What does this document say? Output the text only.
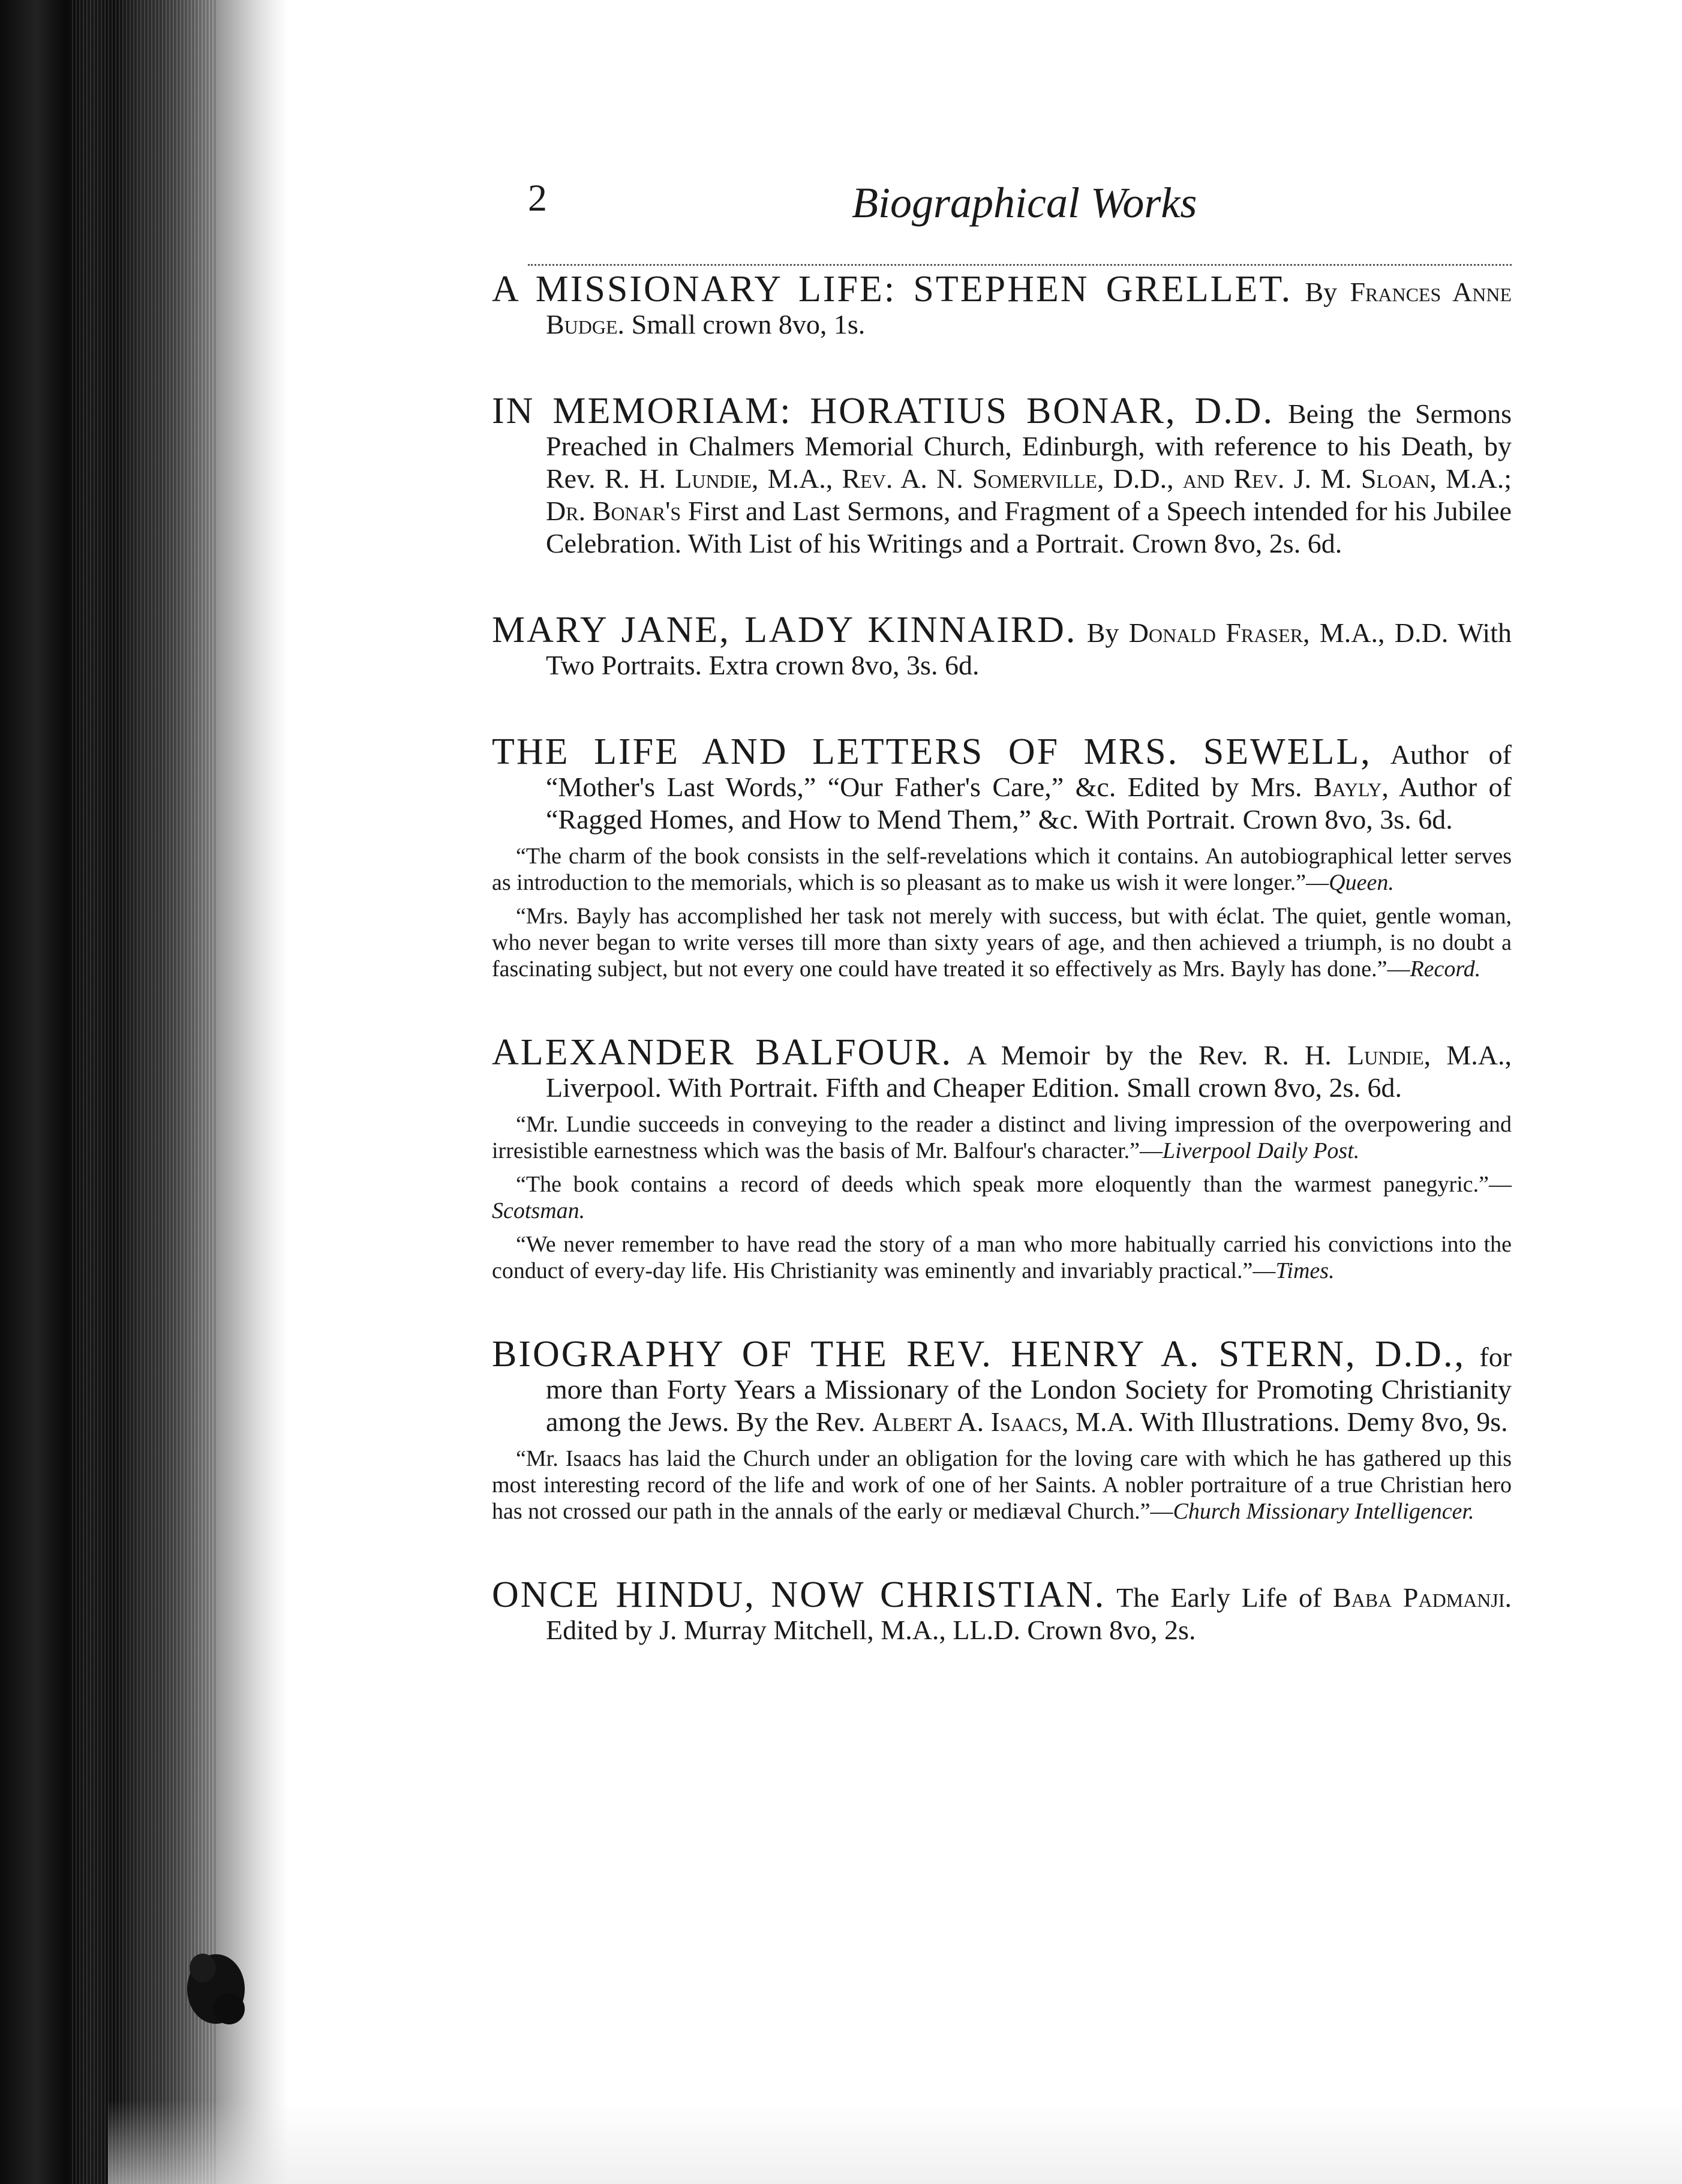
2	Biographical Works

A MISSIONARY LIFE: STEPHEN GRELLET. By Frances Anne Budge. Small crown 8vo, 1s.

IN MEMORIAM: HORATIUS BONAR, D.D. Being the Sermons Preached in Chalmers Memorial Church, Edinburgh, with reference to his Death, by Rev. R. H. Lundie, M.A., Rev. A. N. Somerville, D.D., and Rev. J. M. Sloan, M.A.; Dr. Bonar's First and Last Sermons, and Fragment of a Speech intended for his Jubilee Celebration. With List of his Writings and a Portrait. Crown 8vo, 2s. 6d.

MARY JANE, LADY KINNAIRD. By Donald Fraser, M.A., D.D. With Two Portraits. Extra crown 8vo, 3s. 6d.

THE LIFE AND LETTERS OF MRS. SEWELL, Author of “Mother's Last Words,” “Our Father's Care,” &c. Edited by Mrs. Bayly, Author of “Ragged Homes, and How to Mend Them,” &c. With Portrait. Crown 8vo, 3s. 6d.

“The charm of the book consists in the self-revelations which it contains. An autobiographical letter serves as introduction to the memorials, which is so pleasant as to make us wish it were longer.”—Queen.

“Mrs. Bayly has accomplished her task not merely with success, but with éclat. The quiet, gentle woman, who never began to write verses till more than sixty years of age, and then achieved a triumph, is no doubt a fascinating subject, but not every one could have treated it so effectively as Mrs. Bayly has done.”—Record.

ALEXANDER BALFOUR. A Memoir by the Rev. R. H. Lundie, M.A., Liverpool. With Portrait. Fifth and Cheaper Edition. Small crown 8vo, 2s. 6d.

“Mr. Lundie succeeds in conveying to the reader a distinct and living impression of the overpowering and irresistible earnestness which was the basis of Mr. Balfour's character.”—Liverpool Daily Post.

“The book contains a record of deeds which speak more eloquently than the warmest panegyric.”—Scotsman.

“We never remember to have read the story of a man who more habitually carried his convictions into the conduct of every-day life. His Christianity was eminently and invariably practical.”—Times.

BIOGRAPHY OF THE REV. HENRY A. STERN, D.D., for more than Forty Years a Missionary of the London Society for Promoting Christianity among the Jews. By the Rev. Albert A. Isaacs, M.A. With Illustrations. Demy 8vo, 9s.

“Mr. Isaacs has laid the Church under an obligation for the loving care with which he has gathered up this most interesting record of the life and work of one of her Saints. A nobler portraiture of a true Christian hero has not crossed our path in the annals of the early or mediæval Church.”—Church Missionary Intelligencer.

ONCE HINDU, NOW CHRISTIAN. The Early Life of Baba Padmanji. Edited by J. Murray Mitchell, M.A., LL.D. Crown 8vo, 2s.
